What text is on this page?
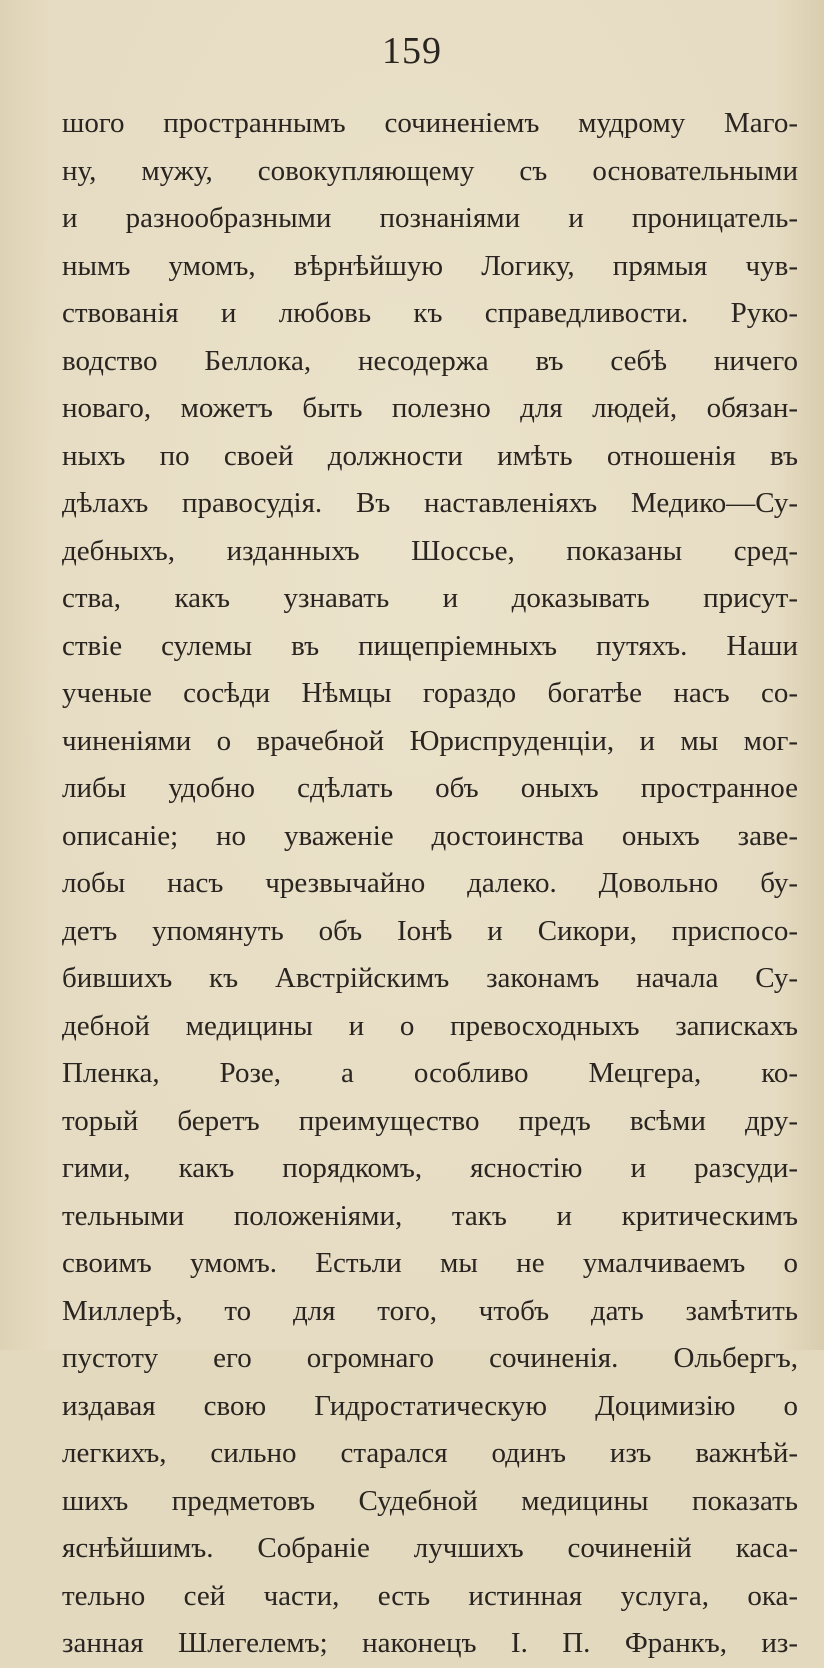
159
шого пространнымъ сочиненiемъ мудрому Маго-
ну, мужу, совокупляющему съ основательными
и разнообразными познанiями и проницатель-
нымъ умомъ, вѣрнѣйшую Логику, прямыя чув-
ствованiя и любовь къ справедливости. Руко-
водство Беллока, несодержа въ себѣ ничего
новаго, можетъ быть полезно для людей, обязан-
ныхъ по своей должности имѣть отношенiя въ
дѣлахъ правосудiя. Въ наставленiяхъ Медико—Су-
дебныхъ, изданныхъ Шоссье, показаны сред-
ства, какъ узнавать и доказывать присут-
ствiе сулемы въ пищепрiемныхъ путяхъ. Наши
ученые сосѣди Нѣмцы гораздо богатѣе насъ со-
чиненiями о врачебной Юриспруденцiи, и мы мог-
либы удобно сдѣлать объ оныхъ пространное
описанiе; но уваженiе достоинства оныхъ заве-
лобы насъ чрезвычайно далеко. Довольно бу-
детъ упомянуть объ Iонѣ и Сикори, приспосо-
бившихъ къ Австрiйскимъ законамъ начала Су-
дебной медицины и о превосходныхъ запискахъ
Пленка, Розе, а особливо Мецгера, ко-
торый беретъ преимущество предъ всѣми дру-
гими, какъ порядкомъ, ясностiю и разсуди-
тельными положенiями, такъ и критическимъ
своимъ умомъ. Естьли мы не умалчиваемъ о
Миллерѣ, то для того, чтобъ дать замѣтить
пустоту его огромнаго сочиненiя. Ольбергъ,
издавая свою Гидростатическую Доцимизiю о
легкихъ, сильно старался одинъ изъ важнѣй-
шихъ предметовъ Судебной медицины показать
яснѣйшимъ. Собранiе лучшихъ сочиненiй каса-
тельно сей части, есть истинная услуга, ока-
занная Шлегелемъ; наконецъ I. П. Франкъ, из-
